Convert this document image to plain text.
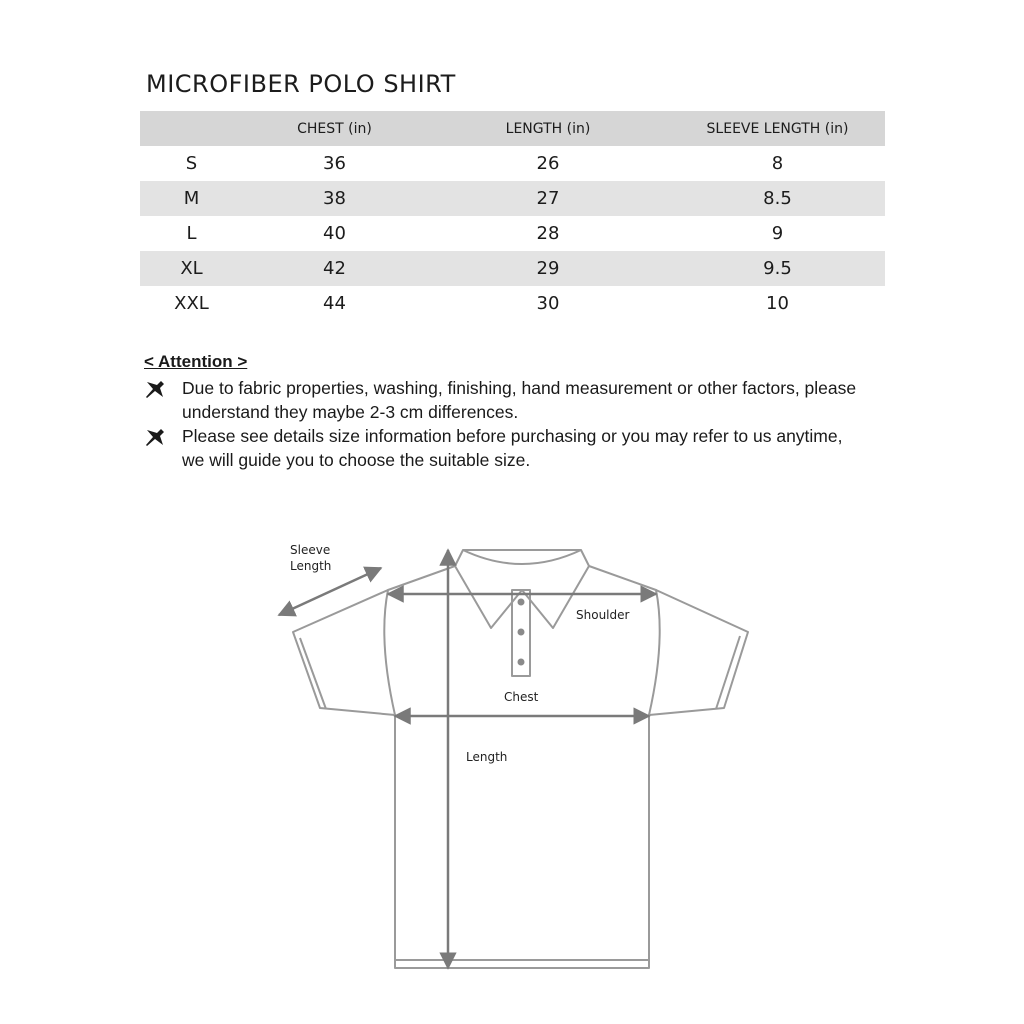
MICROFIBER POLO SHIRT
	CHEST (in)	LENGTH (in)	SLEEVE LENGTH (in)
S	36	26	8
M	38	27	8.5
L	40	28	9
XL	42	29	9.5
XXL	44	30	10
< Attention >
Due to fabric properties, washing, finishing, hand measurement or other factors, please understand they maybe 2-3 cm differences.
Please see details size information before purchasing or you may refer to us anytime, we will guide you to choose the suitable size.
Sleeve
Length
Shoulder
Chest
Length
